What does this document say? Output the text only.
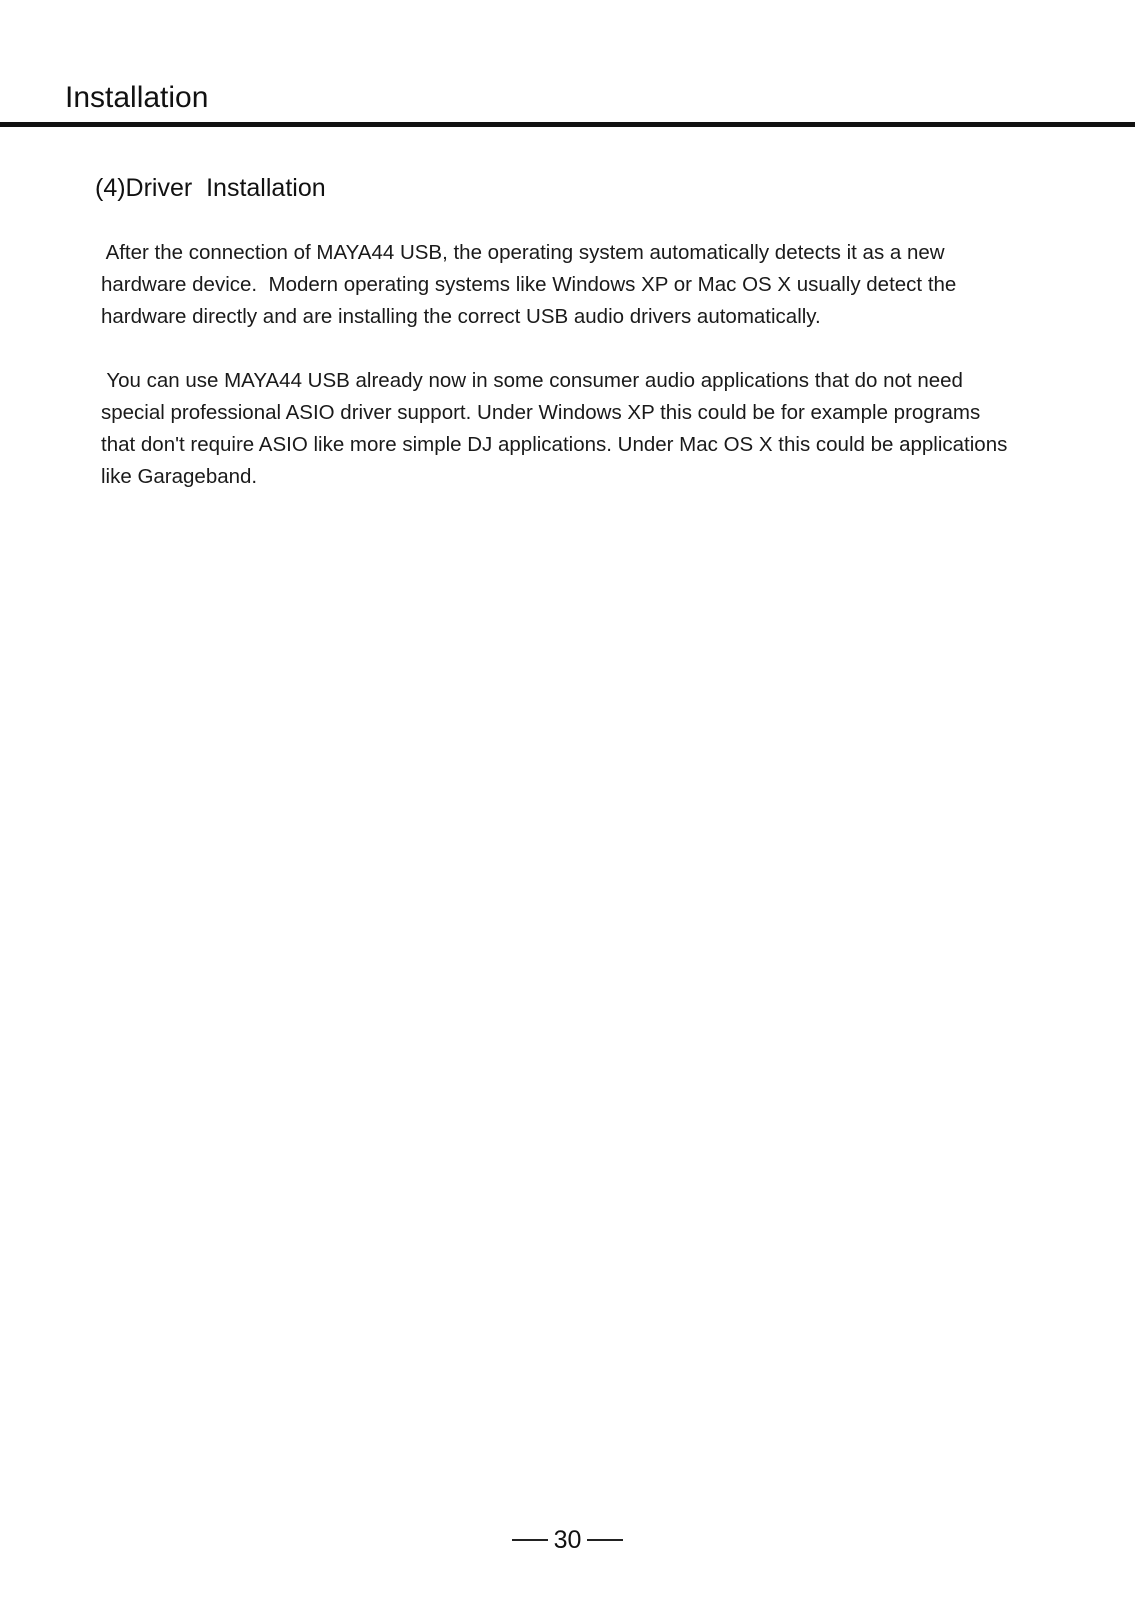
Installation
(4)Driver  Installation

After the connection of MAYA44 USB, the operating system automatically detects it as a new
hardware device.  Modern operating systems like Windows XP or Mac OS X usually detect the
hardware directly and are installing the correct USB audio drivers automatically.

You can use MAYA44 USB already now in some consumer audio applications that do not need
special professional ASIO driver support. Under Windows XP this could be for example programs
that don't require ASIO like more simple DJ applications. Under Mac OS X this could be applications
like Garageband.

30
